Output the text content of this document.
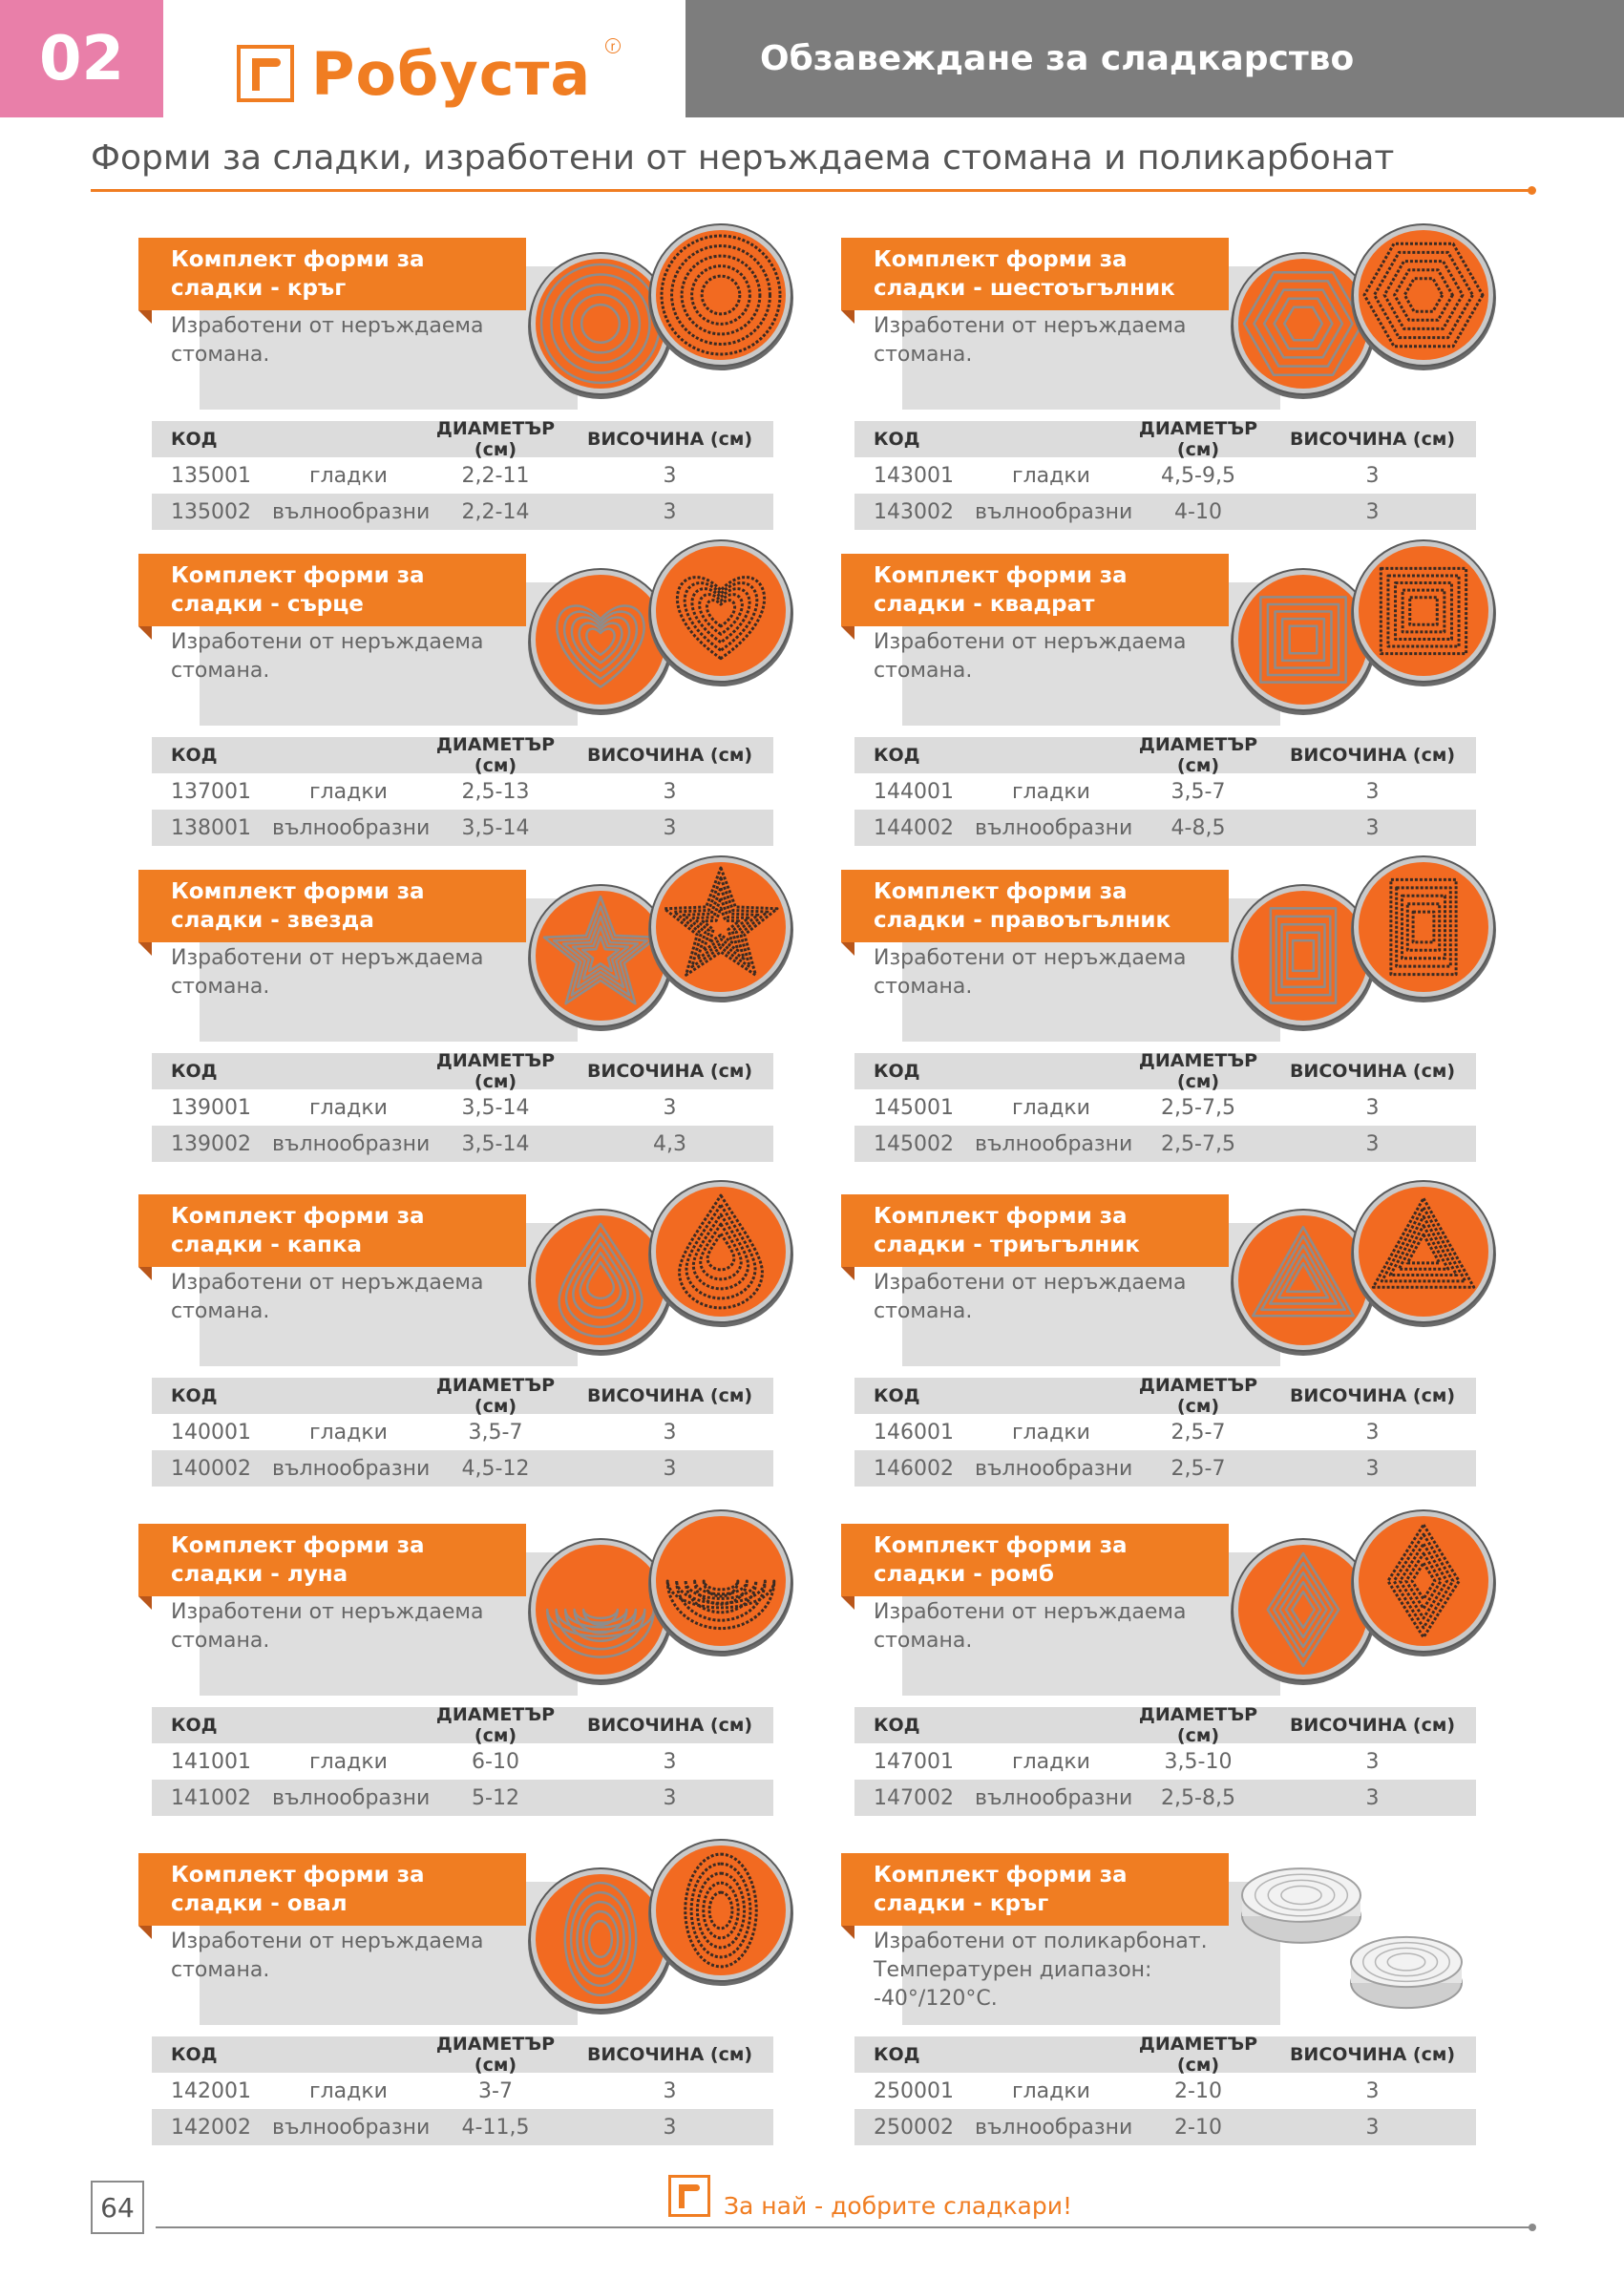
02	Робуста	r	Обзавеждане за сладкарство
Форми за сладки, изработени от неръждаема стомана и поликарбонат
Комплект форми за сладки - кръг
Изработени от неръждаема стомана.
КОД	ДИАМЕТЪР (см)	ВИСОЧИНА (см)
135001	гладки	2,2-11	3
135002	вълнообразни	2,2-14	3
Комплект форми за сладки - шестоъгълник
Изработени от неръждаема стомана.
КОД	ДИАМЕТЪР (см)	ВИСОЧИНА (см)
143001	гладки	4,5-9,5	3
143002	вълнообразни	4-10	3
Комплект форми за сладки - сърце
Изработени от неръждаема стомана.
КОД	ДИАМЕТЪР (см)	ВИСОЧИНА (см)
137001	гладки	2,5-13	3
138001	вълнообразни	3,5-14	3
Комплект форми за сладки - квадрат
Изработени от неръждаема стомана.
КОД	ДИАМЕТЪР (см)	ВИСОЧИНА (см)
144001	гладки	3,5-7	3
144002	вълнообразни	4-8,5	3
Комплект форми за сладки - звезда
Изработени от неръждаема стомана.
КОД	ДИАМЕТЪР (см)	ВИСОЧИНА (см)
139001	гладки	3,5-14	3
139002	вълнообразни	3,5-14	4,3
Комплект форми за сладки - правоъгълник
Изработени от неръждаема стомана.
КОД	ДИАМЕТЪР (см)	ВИСОЧИНА (см)
145001	гладки	2,5-7,5	3
145002	вълнообразни	2,5-7,5	3
Комплект форми за сладки - капка
Изработени от неръждаема стомана.
КОД	ДИАМЕТЪР (см)	ВИСОЧИНА (см)
140001	гладки	3,5-7	3
140002	вълнообразни	4,5-12	3
Комплект форми за сладки - триъгълник
Изработени от неръждаема стомана.
КОД	ДИАМЕТЪР (см)	ВИСОЧИНА (см)
146001	гладки	2,5-7	3
146002	вълнообразни	2,5-7	3
Комплект форми за сладки - луна
Изработени от неръждаема стомана.
КОД	ДИАМЕТЪР (см)	ВИСОЧИНА (см)
141001	гладки	6-10	3
141002	вълнообразни	5-12	3
Комплект форми за сладки - ромб
Изработени от неръждаема стомана.
КОД	ДИАМЕТЪР (см)	ВИСОЧИНА (см)
147001	гладки	3,5-10	3
147002	вълнообразни	2,5-8,5	3
Комплект форми за сладки - овал
Изработени от неръждаема стомана.
КОД	ДИАМЕТЪР (см)	ВИСОЧИНА (см)
142001	гладки	3-7	3
142002	вълнообразни	4-11,5	3
Комплект форми за сладки - кръг
Изработени от поликарбонат.
Температурен диапазон: -40°/120°C.
КОД	ДИАМЕТЪР (см)	ВИСОЧИНА (см)
250001	гладки	2-10	3
250002	вълнообразни	2-10	3
64	За най - добрите сладкари!
